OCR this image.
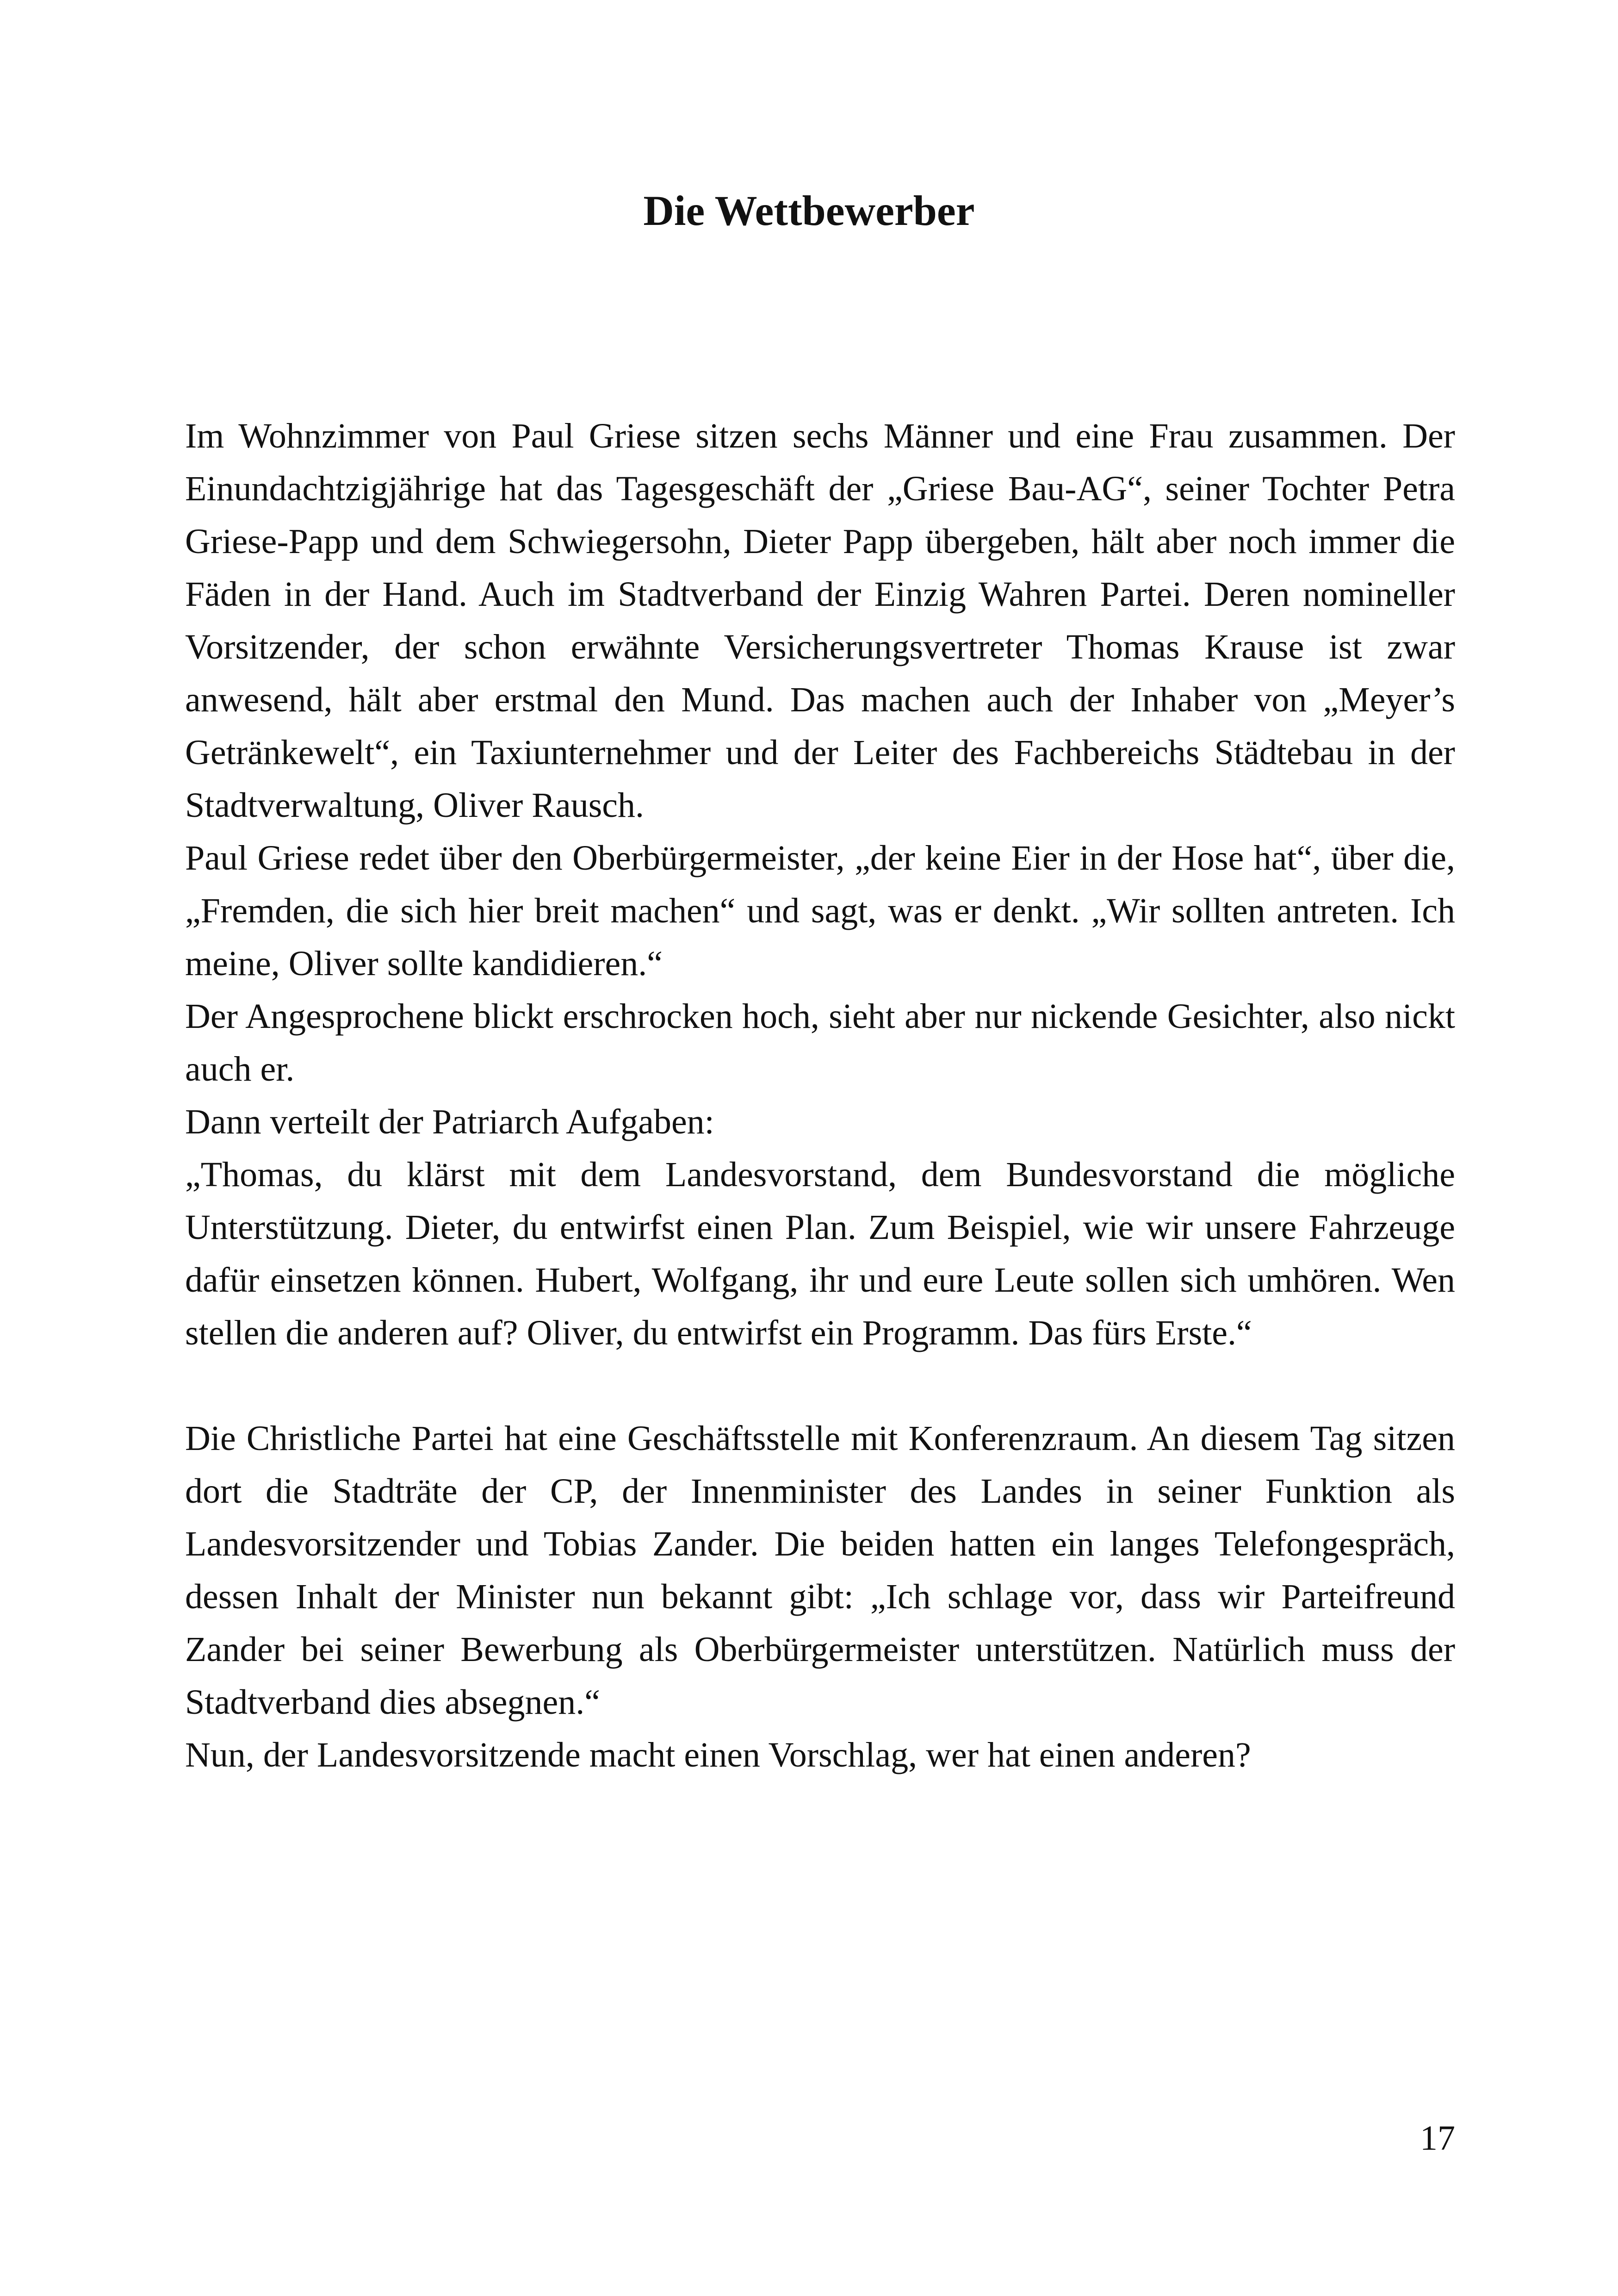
Die Wettbewerber

Im Wohnzimmer von Paul Griese sitzen sechs Männer und eine Frau zusammen. Der Einundachtzigjährige hat das Tagesgeschäft der „Griese Bau-AG“, seiner Tochter Petra Griese-Papp und dem Schwiegersohn, Dieter Papp übergeben, hält aber noch immer die Fäden in der Hand. Auch im Stadtverband der Einzig Wahren Partei. Deren nomineller Vorsitzender, der schon erwähnte Versicherungsvertreter Thomas Krause ist zwar anwesend, hält aber erstmal den Mund. Das machen auch der Inhaber von „Meyer’s Getränkewelt“, ein Taxiunternehmer und der Leiter des Fachbereichs Städtebau in der Stadtverwaltung, Oliver Rausch.

Paul Griese redet über den Oberbürgermeister, „der keine Eier in der Hose hat“, über die, „Fremden, die sich hier breit machen“ und sagt, was er denkt. „Wir sollten antreten. Ich meine, Oliver sollte kandidieren.“

Der Angesprochene blickt erschrocken hoch, sieht aber nur nickende Gesichter, also nickt auch er.

Dann verteilt der Patriarch Aufgaben:

„Thomas, du klärst mit dem Landesvorstand, dem Bundesvorstand die mögliche Unterstützung. Dieter, du entwirfst einen Plan. Zum Beispiel, wie wir unsere Fahrzeuge dafür einsetzen können. Hubert, Wolfgang, ihr und eure Leute sollen sich umhören. Wen stellen die anderen auf? Oliver, du entwirfst ein Programm. Das fürs Erste.“

Die Christliche Partei hat eine Geschäftsstelle mit Konferenzraum. An diesem Tag sitzen dort die Stadträte der CP, der Innenminister des Landes in seiner Funktion als Landesvorsitzender und Tobias Zander. Die beiden hatten ein langes Telefongespräch, dessen Inhalt der Minister nun bekannt gibt: „Ich schlage vor, dass wir Parteifreund Zander bei seiner Bewerbung als Oberbürgermeister unterstützen. Natürlich muss der Stadtverband dies absegnen.“

Nun, der Landesvorsitzende macht einen Vorschlag, wer hat einen anderen?

17
